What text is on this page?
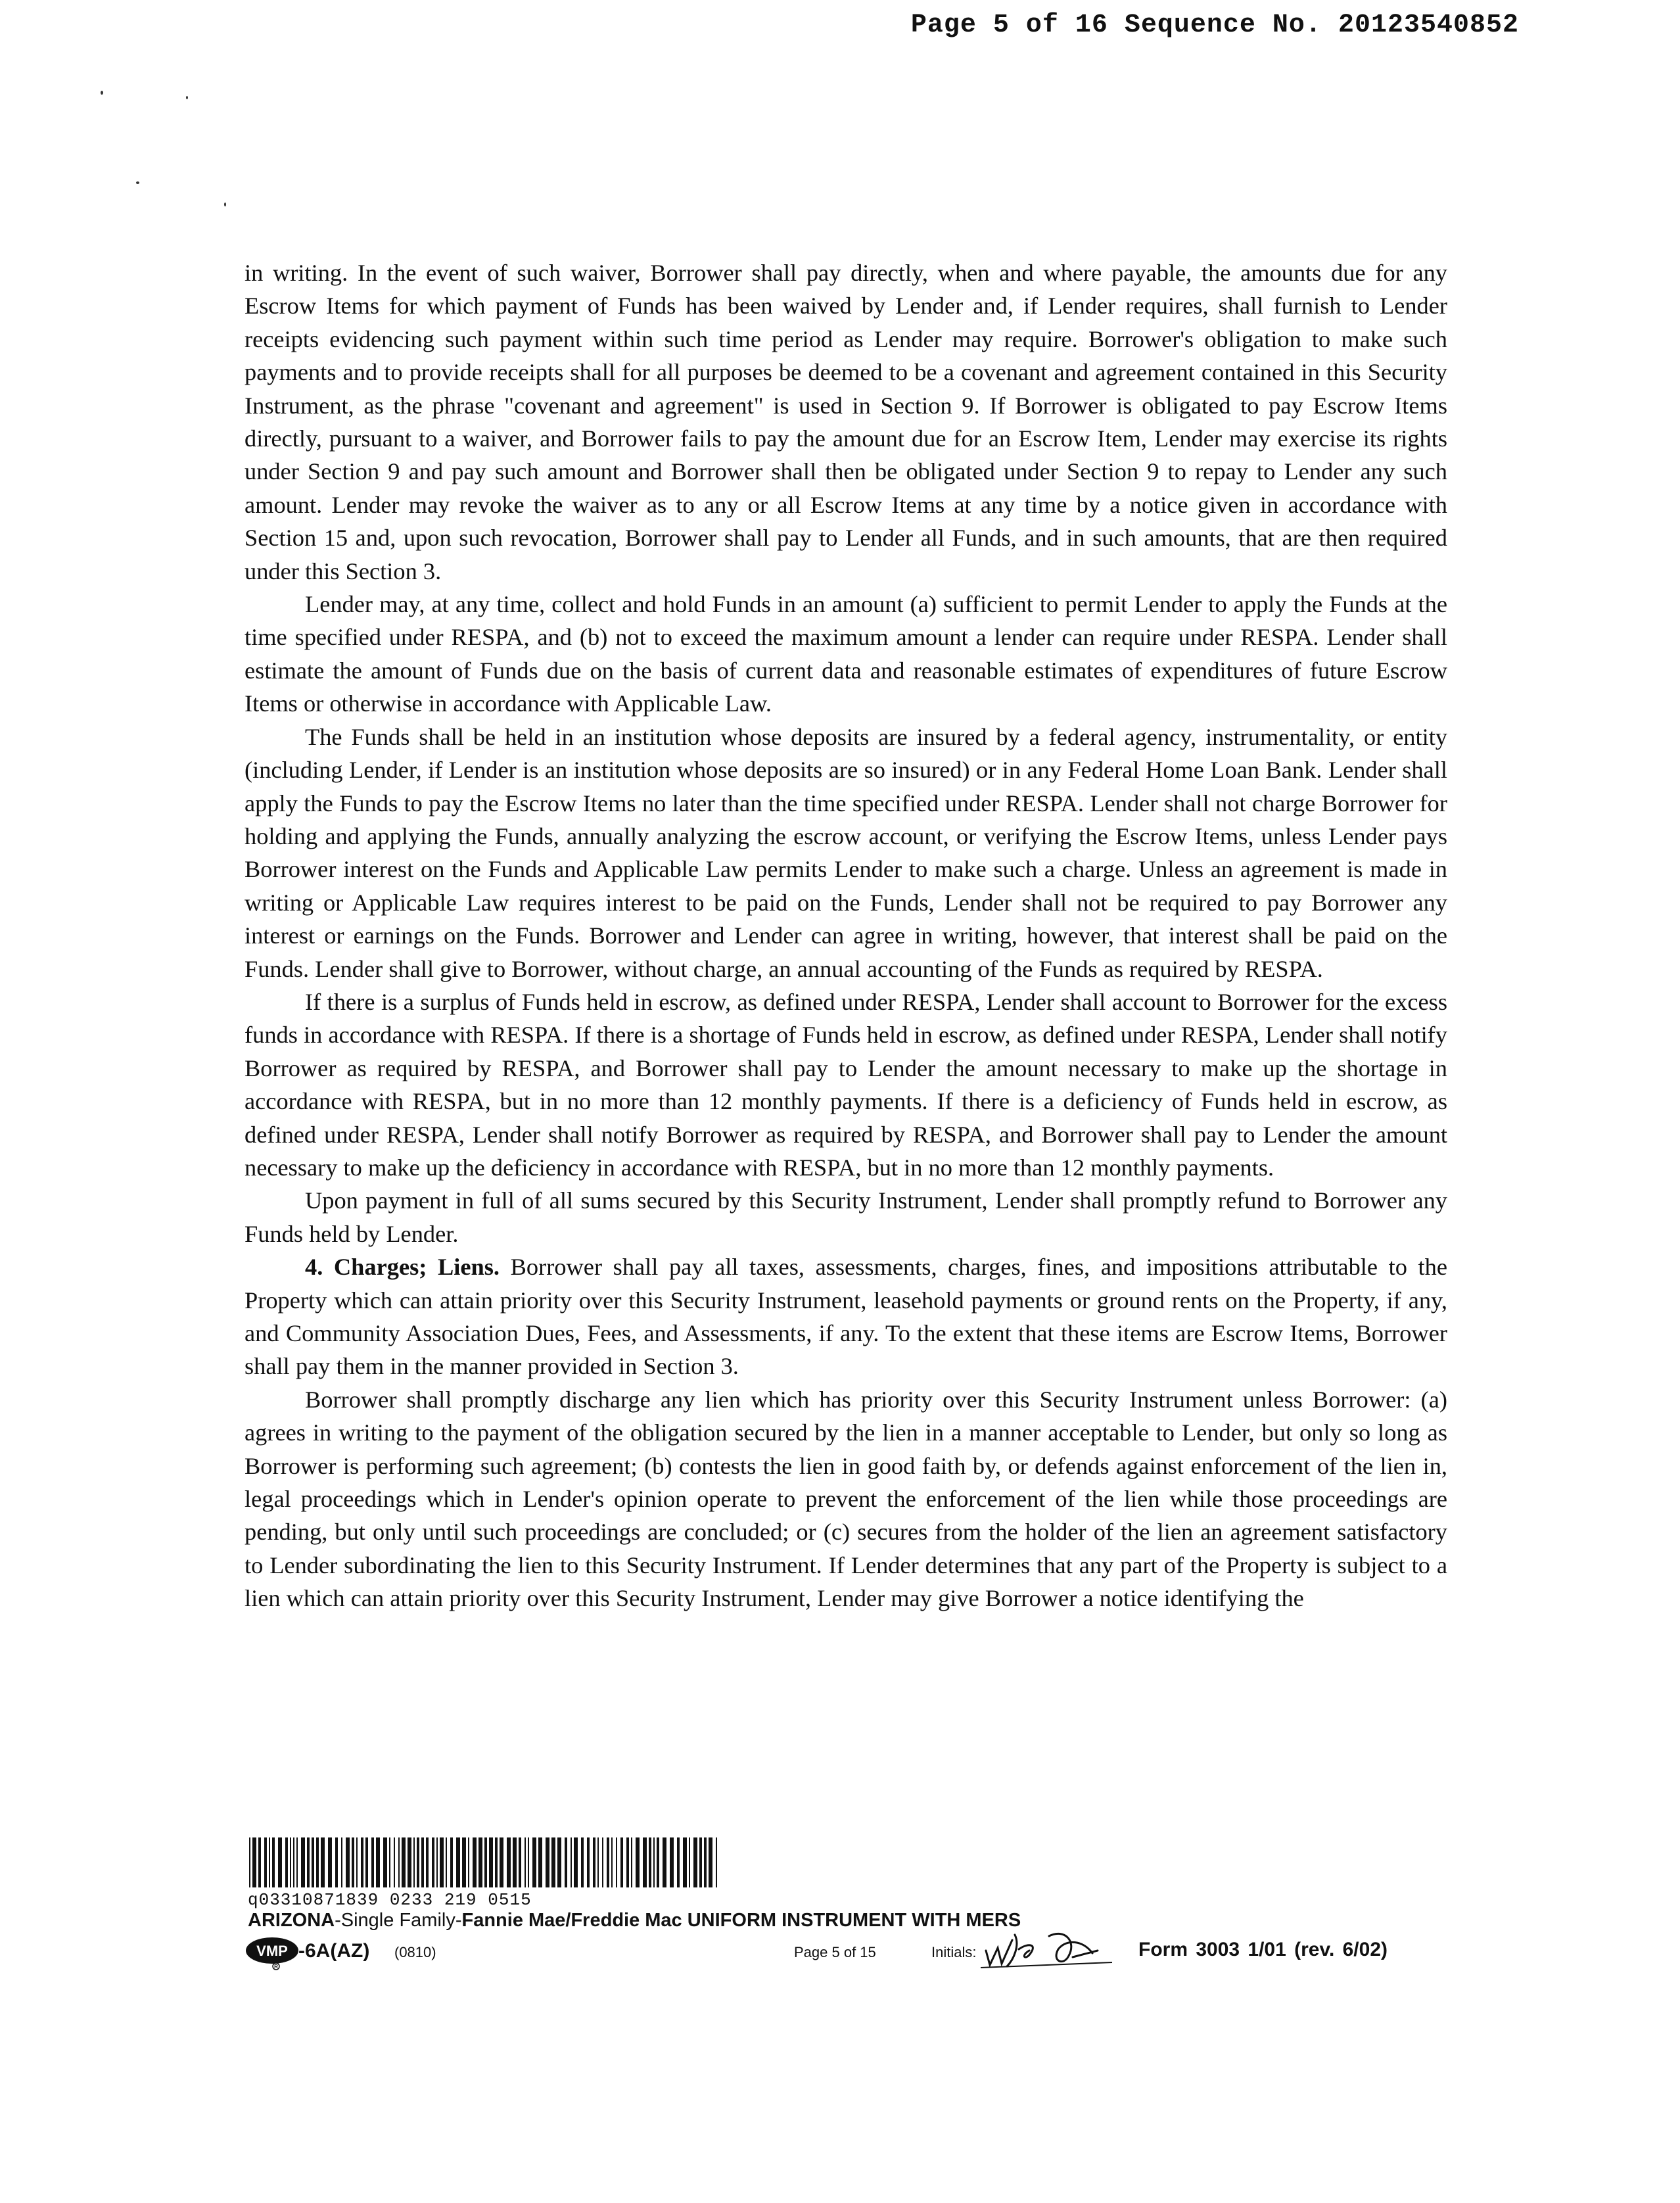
Page 5 of 16 Sequence No. 20123540852

in writing. In the event of such waiver, Borrower shall pay directly, when and where payable, the amounts due for any Escrow Items for which payment of Funds has been waived by Lender and, if Lender requires, shall furnish to Lender receipts evidencing such payment within such time period as Lender may require. Borrower's obligation to make such payments and to provide receipts shall for all purposes be deemed to be a covenant and agreement contained in this Security Instrument, as the phrase "covenant and agreement" is used in Section 9. If Borrower is obligated to pay Escrow Items directly, pursuant to a waiver, and Borrower fails to pay the amount due for an Escrow Item, Lender may exercise its rights under Section 9 and pay such amount and Borrower shall then be obligated under Section 9 to repay to Lender any such amount. Lender may revoke the waiver as to any or all Escrow Items at any time by a notice given in accordance with Section 15 and, upon such revocation, Borrower shall pay to Lender all Funds, and in such amounts, that are then required under this Section 3.

Lender may, at any time, collect and hold Funds in an amount (a) sufficient to permit Lender to apply the Funds at the time specified under RESPA, and (b) not to exceed the maximum amount a lender can require under RESPA. Lender shall estimate the amount of Funds due on the basis of current data and reasonable estimates of expenditures of future Escrow Items or otherwise in accordance with Applicable Law.

The Funds shall be held in an institution whose deposits are insured by a federal agency, instrumentality, or entity (including Lender, if Lender is an institution whose deposits are so insured) or in any Federal Home Loan Bank. Lender shall apply the Funds to pay the Escrow Items no later than the time specified under RESPA. Lender shall not charge Borrower for holding and applying the Funds, annually analyzing the escrow account, or verifying the Escrow Items, unless Lender pays Borrower interest on the Funds and Applicable Law permits Lender to make such a charge. Unless an agreement is made in writing or Applicable Law requires interest to be paid on the Funds, Lender shall not be required to pay Borrower any interest or earnings on the Funds. Borrower and Lender can agree in writing, however, that interest shall be paid on the Funds. Lender shall give to Borrower, without charge, an annual accounting of the Funds as required by RESPA.

If there is a surplus of Funds held in escrow, as defined under RESPA, Lender shall account to Borrower for the excess funds in accordance with RESPA. If there is a shortage of Funds held in escrow, as defined under RESPA, Lender shall notify Borrower as required by RESPA, and Borrower shall pay to Lender the amount necessary to make up the shortage in accordance with RESPA, but in no more than 12 monthly payments. If there is a deficiency of Funds held in escrow, as defined under RESPA, Lender shall notify Borrower as required by RESPA, and Borrower shall pay to Lender the amount necessary to make up the deficiency in accordance with RESPA, but in no more than 12 monthly payments.

Upon payment in full of all sums secured by this Security Instrument, Lender shall promptly refund to Borrower any Funds held by Lender.

4. Charges; Liens. Borrower shall pay all taxes, assessments, charges, fines, and impositions attributable to the Property which can attain priority over this Security Instrument, leasehold payments or ground rents on the Property, if any, and Community Association Dues, Fees, and Assessments, if any. To the extent that these items are Escrow Items, Borrower shall pay them in the manner provided in Section 3.

Borrower shall promptly discharge any lien which has priority over this Security Instrument unless Borrower: (a) agrees in writing to the payment of the obligation secured by the lien in a manner acceptable to Lender, but only so long as Borrower is performing such agreement; (b) contests the lien in good faith by, or defends against enforcement of the lien in, legal proceedings which in Lender's opinion operate to prevent the enforcement of the lien while those proceedings are pending, but only until such proceedings are concluded; or (c) secures from the holder of the lien an agreement satisfactory to Lender subordinating the lien to this Security Instrument. If Lender determines that any part of the Property is subject to a lien which can attain priority over this Security Instrument, Lender may give Borrower a notice identifying the

q03310871839 0233 219 0515
ARIZONA-Single Family-Fannie Mae/Freddie Mac UNIFORM INSTRUMENT WITH MERS
VMP
R
-6A(AZ) (0810)	Page 5 of 15	Initials:	Form 3003 1/01 (rev. 6/02)
